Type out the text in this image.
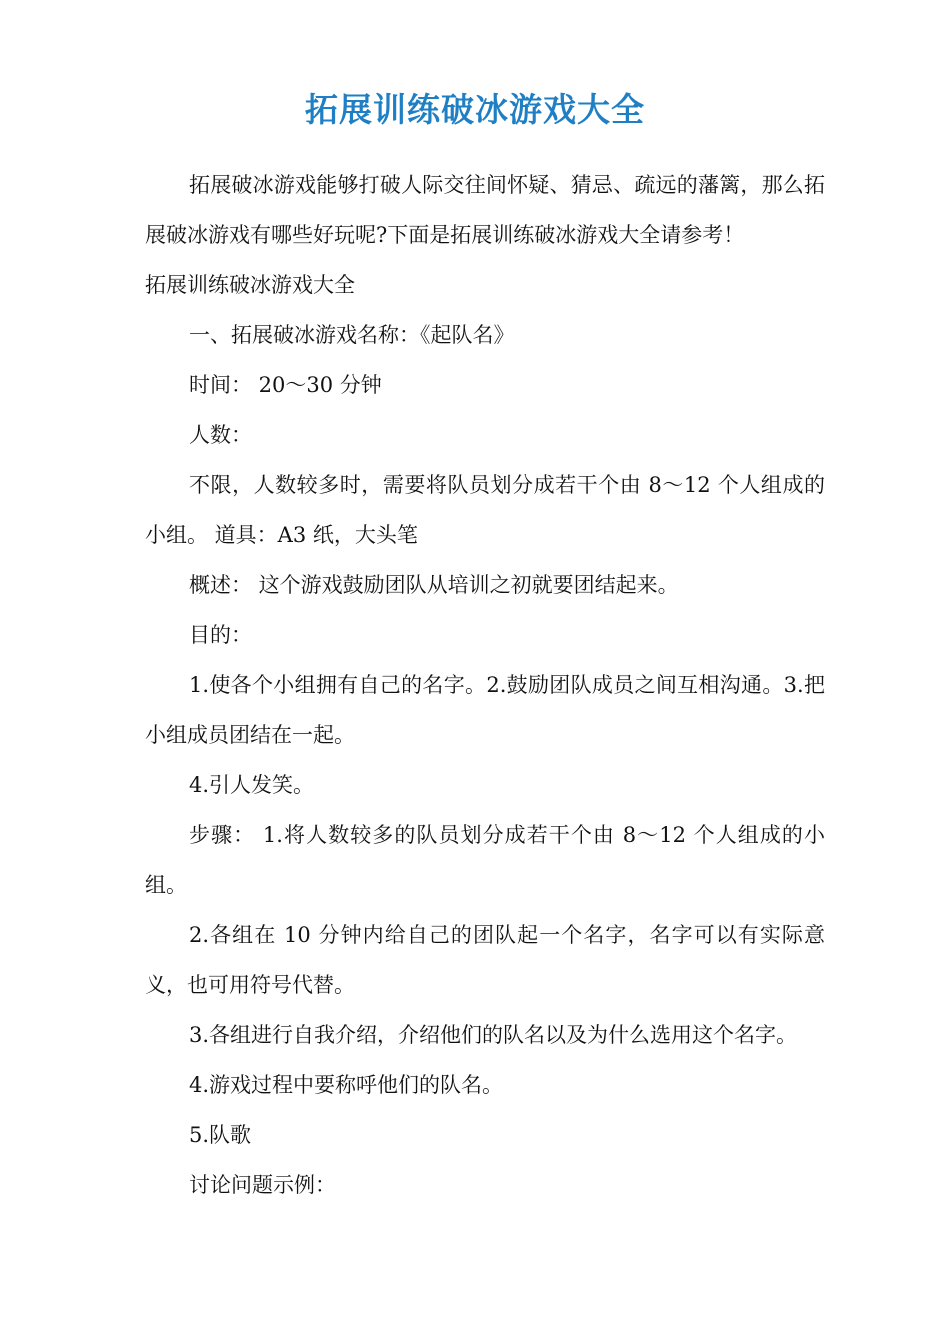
拓展训练破冰游戏大全

拓展破冰游戏能够打破人际交往间怀疑、猜忌、疏远的藩篱，那么拓展破冰游戏有哪些好玩呢?下面是拓展训练破冰游戏大全请参考！

拓展训练破冰游戏大全

一、拓展破冰游戏名称：《起队名》

时间： 20～30 分钟

人数：

不限，人数较多时，需要将队员划分成若干个由 8～12 个人组成的小组。 道具：A3 纸，大头笔

概述： 这个游戏鼓励团队从培训之初就要团结起来。

目的：

1.使各个小组拥有自己的名字。2.鼓励团队成员之间互相沟通。3.把小组成员团结在一起。

4.引人发笑。

步骤： 1.将人数较多的队员划分成若干个由 8～12 个人组成的小组。

2.各组在 10 分钟内给自己的团队起一个名字，名字可以有实际意义，也可用符号代替。

3.各组进行自我介绍，介绍他们的队名以及为什么选用这个名字。

4.游戏过程中要称呼他们的队名。

5.队歌

讨论问题示例：
